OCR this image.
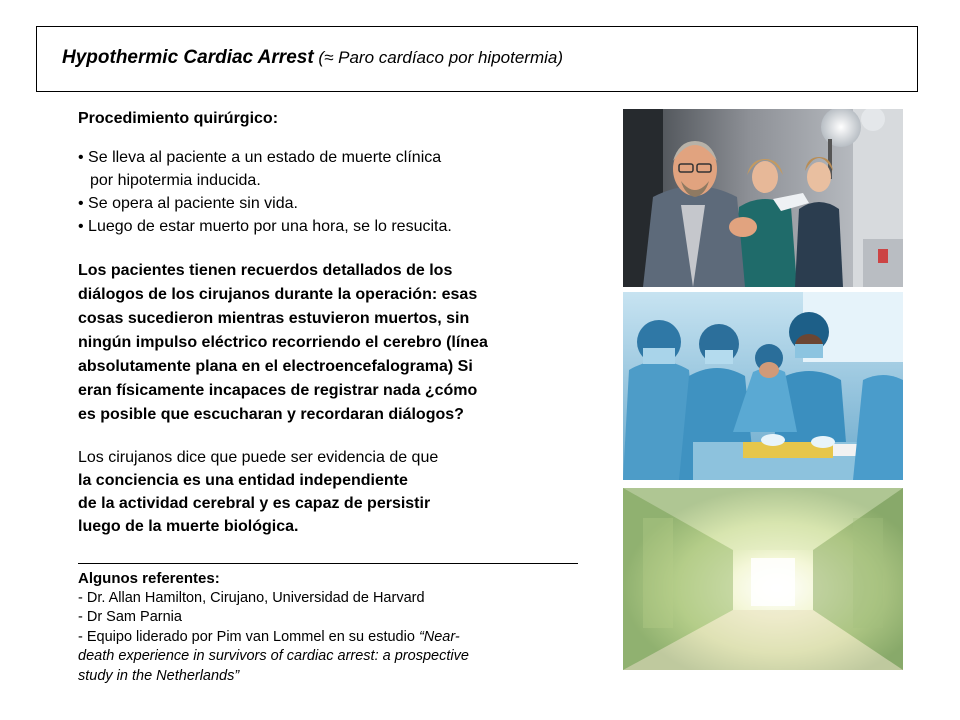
Hypothermic Cardiac Arrest (≈ Paro cardíaco por hipotermia)
Procedimiento quirúrgico:
• Se lleva al paciente a un estado de muerte clínica
por hipotermia inducida.
• Se opera al paciente sin vida.
• Luego de estar muerto por una hora, se lo resucita.
Los pacientes tienen recuerdos detallados de los
diálogos de los cirujanos durante la operación: esas
cosas sucedieron mientras estuvieron muertos, sin
ningún impulso eléctrico recorriendo el cerebro (línea
absolutamente plana en el electroencefalograma) Si
eran físicamente incapaces de registrar nada ¿cómo
es posible que escucharan y recordaran diálogos?
Los cirujanos dice que puede ser evidencia de que
la conciencia es una entidad independiente
de la actividad cerebral y es capaz de persistir
luego de la muerte biológica.
Algunos referentes:
- Dr. Allan Hamilton, Cirujano, Universidad de Harvard
- Dr Sam Parnia
- Equipo liderado por Pim van Lommel en su estudio “Near-
death experience in survivors of cardiac arrest: a prospective
study in the Netherlands”
